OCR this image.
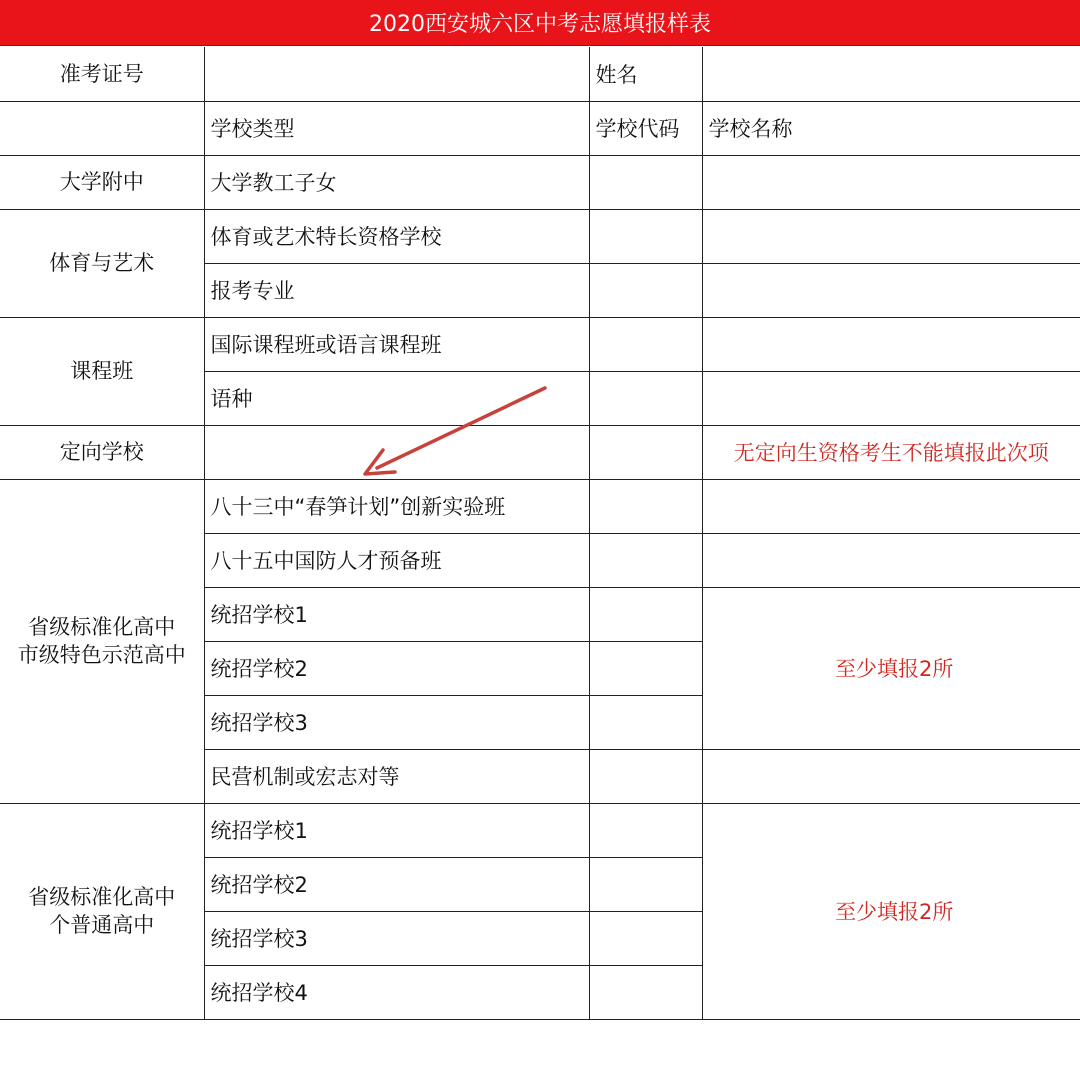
2020西安城六区中考志愿填报样表
准考证号		姓名	
	学校类型	学校代码	学校名称
大学附中	大学教工子女		
体育与艺术	体育或艺术特长资格学校		
	报考专业		
课程班	国际课程班或语言课程班		
	语种		
定向学校			无定向生资格考生不能填报此次项

省级标准化高中
市级特色示范高中	八十三中“春笋计划”创新实验班		
	八十五中国防人才预备班		
	统招学校1		至少填报2所
	统招学校2		
	统招学校3		
	民营机制或宏志对等		

省级标准化高中
个普通高中	统招学校1		至少填报2所
	统招学校2		
	统招学校3		
	统招学校4		
